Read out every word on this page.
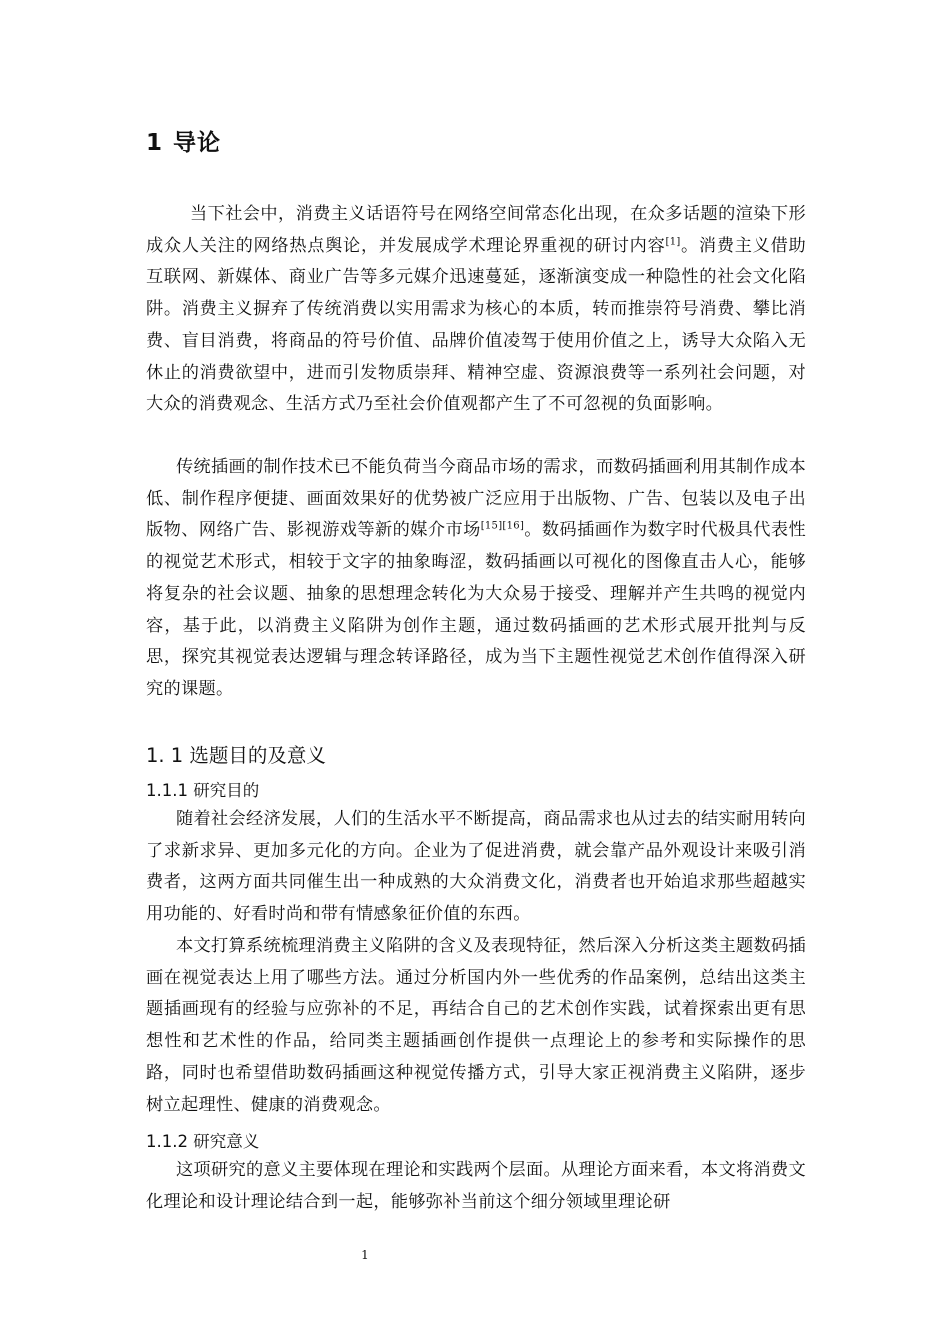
1 导论

当下社会中，消费主义话语符号在网络空间常态化出现，在众多话题的渲染下形成众人关注的网络热点舆论，并发展成学术理论界重视的研讨内容[1]。消费主义借助互联网、新媒体、商业广告等多元媒介迅速蔓延，逐渐演变成一种隐性的社会文化陷阱。消费主义摒弃了传统消费以实用需求为核心的本质，转而推崇符号消费、攀比消费、盲目消费，将商品的符号价值、品牌价值凌驾于使用价值之上，诱导大众陷入无休止的消费欲望中，进而引发物质崇拜、精神空虚、资源浪费等一系列社会问题，对大众的消费观念、生活方式乃至社会价值观都产生了不可忽视的负面影响。

传统插画的制作技术已不能负荷当今商品市场的需求，而数码插画利用其制作成本低、制作程序便捷、画面效果好的优势被广泛应用于出版物、广告、包装以及电子出版物、网络广告、影视游戏等新的媒介市场[15][16]。数码插画作为数字时代极具代表性的视觉艺术形式，相较于文字的抽象晦涩，数码插画以可视化的图像直击人心，能够将复杂的社会议题、抽象的思想理念转化为大众易于接受、理解并产生共鸣的视觉内容，基于此，以消费主义陷阱为创作主题，通过数码插画的艺术形式展开批判与反思，探究其视觉表达逻辑与理念转译路径，成为当下主题性视觉艺术创作值得深入研究的课题。

1. 1 选题目的及意义
1.1.1 研究目的

随着社会经济发展，人们的生活水平不断提高，商品需求也从过去的结实耐用转向了求新求异、更加多元化的方向。企业为了促进消费，就会靠产品外观设计来吸引消费者，这两方面共同催生出一种成熟的大众消费文化，消费者也开始追求那些超越实用功能的、好看时尚和带有情感象征价值的东西。

本文打算系统梳理消费主义陷阱的含义及表现特征，然后深入分析这类主题数码插画在视觉表达上用了哪些方法。通过分析国内外一些优秀的作品案例，总结出这类主题插画现有的经验与应弥补的不足，再结合自己的艺术创作实践，试着探索出更有思想性和艺术性的作品，给同类主题插画创作提供一点理论上的参考和实际操作的思路，同时也希望借助数码插画这种视觉传播方式，引导大家正视消费主义陷阱，逐步树立起理性、健康的消费观念。

1.1.2 研究意义

这项研究的意义主要体现在理论和实践两个层面。从理论方面来看，本文将消费文化理论和设计理论结合到一起，能够弥补当前这个细分领域里理论研

1
